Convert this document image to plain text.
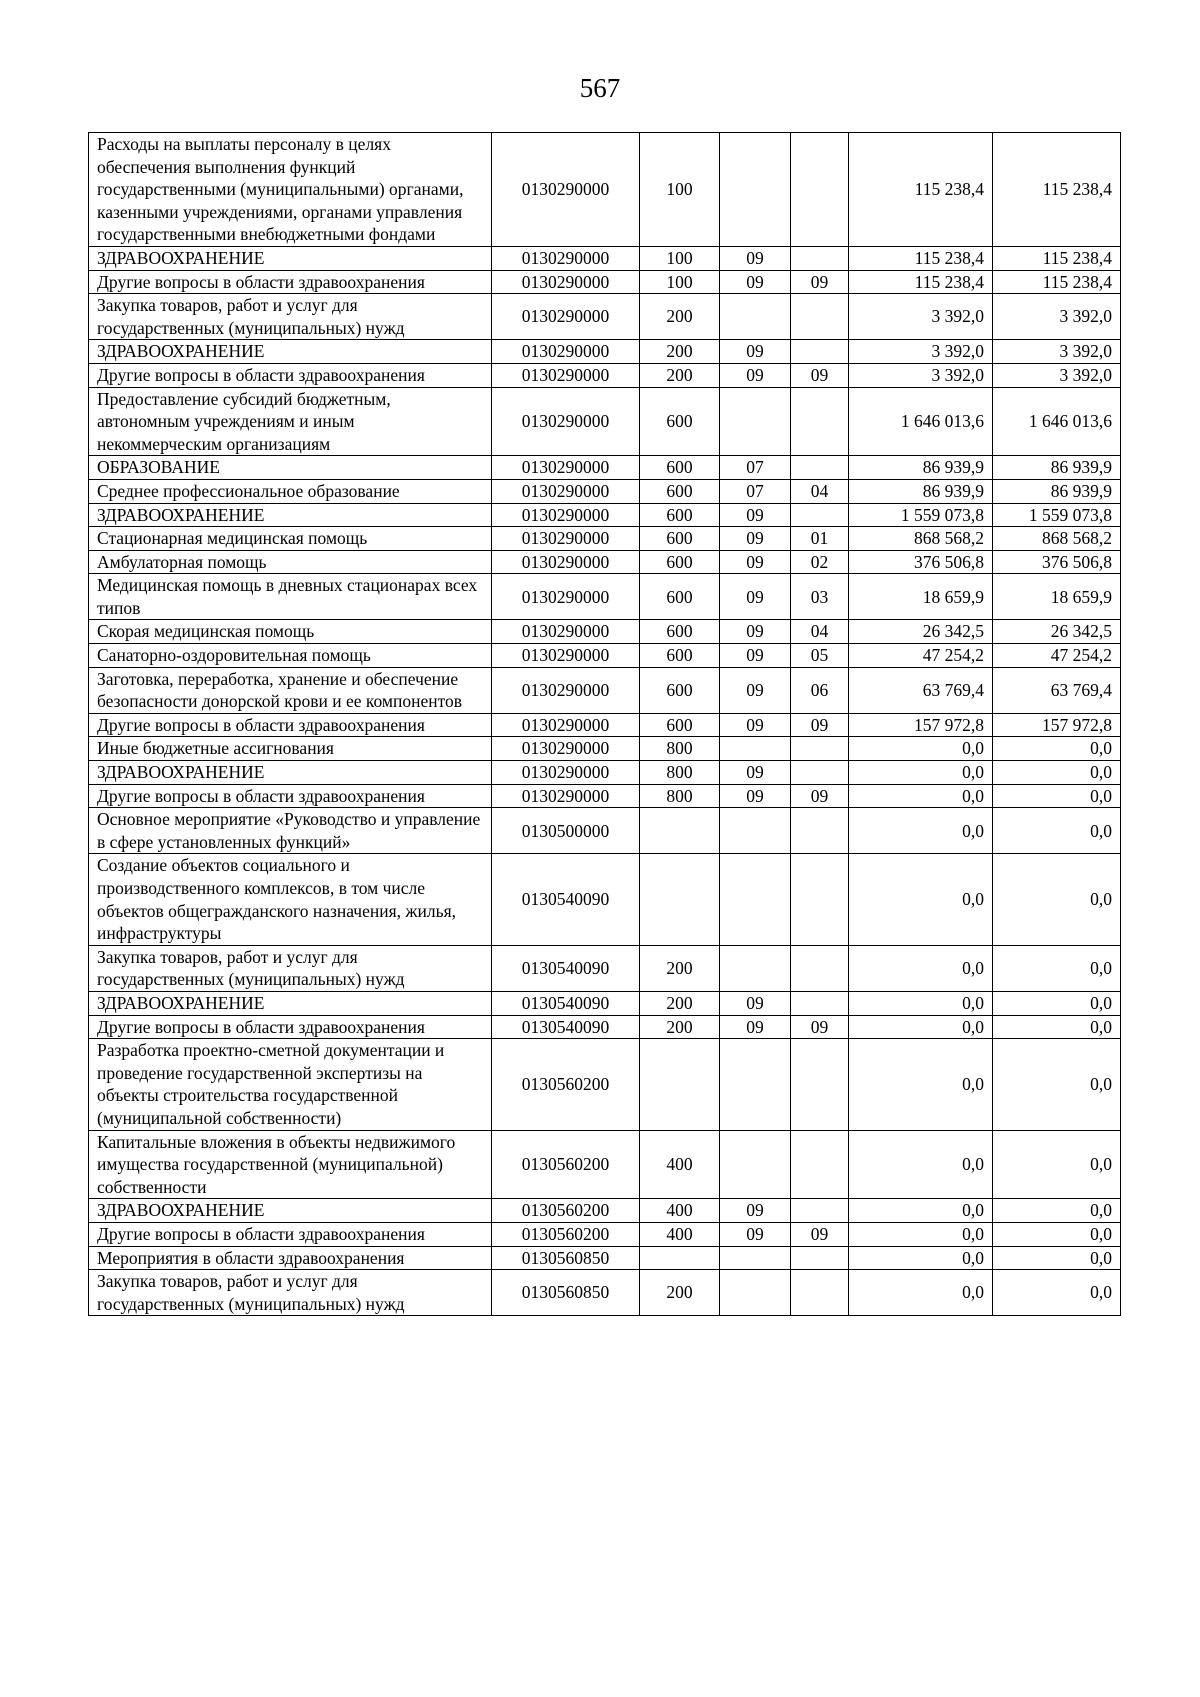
567
Расходы на выплаты персоналу в целях обеспечения выполнения функций государственными (муниципальными) органами, казенными учреждениями, органами управления государственными внебюджетными фондами	0130290000	100			115 238,4	115 238,4
ЗДРАВООХРАНЕНИЕ	0130290000	100	09		115 238,4	115 238,4
Другие вопросы в области здравоохранения	0130290000	100	09	09	115 238,4	115 238,4
Закупка товаров, работ и услуг для государственных (муниципальных) нужд	0130290000	200			3 392,0	3 392,0
ЗДРАВООХРАНЕНИЕ	0130290000	200	09		3 392,0	3 392,0
Другие вопросы в области здравоохранения	0130290000	200	09	09	3 392,0	3 392,0
Предоставление субсидий бюджетным, автономным учреждениям и иным некоммерческим организациям	0130290000	600			1 646 013,6	1 646 013,6
ОБРАЗОВАНИЕ	0130290000	600	07		86 939,9	86 939,9
Среднее профессиональное образование	0130290000	600	07	04	86 939,9	86 939,9
ЗДРАВООХРАНЕНИЕ	0130290000	600	09		1 559 073,8	1 559 073,8
Стационарная медицинская помощь	0130290000	600	09	01	868 568,2	868 568,2
Амбулаторная помощь	0130290000	600	09	02	376 506,8	376 506,8
Медицинская помощь в дневных стационарах всех типов	0130290000	600	09	03	18 659,9	18 659,9
Скорая медицинская помощь	0130290000	600	09	04	26 342,5	26 342,5
Санаторно-оздоровительная помощь	0130290000	600	09	05	47 254,2	47 254,2
Заготовка, переработка, хранение и обеспечение безопасности донорской крови и ее компонентов	0130290000	600	09	06	63 769,4	63 769,4
Другие вопросы в области здравоохранения	0130290000	600	09	09	157 972,8	157 972,8
Иные бюджетные ассигнования	0130290000	800			0,0	0,0
ЗДРАВООХРАНЕНИЕ	0130290000	800	09		0,0	0,0
Другие вопросы в области здравоохранения	0130290000	800	09	09	0,0	0,0
Основное мероприятие «Руководство и управление в сфере установленных функций»	0130500000				0,0	0,0
Создание объектов социального и производственного комплексов, в том числе объектов общегражданского назначения, жилья, инфраструктуры	0130540090				0,0	0,0
Закупка товаров, работ и услуг для государственных (муниципальных) нужд	0130540090	200			0,0	0,0
ЗДРАВООХРАНЕНИЕ	0130540090	200	09		0,0	0,0
Другие вопросы в области здравоохранения	0130540090	200	09	09	0,0	0,0
Разработка проектно-сметной документации и проведение государственной экспертизы на объекты строительства государственной (муниципальной собственности)	0130560200				0,0	0,0
Капитальные вложения в объекты недвижимого имущества государственной (муниципальной) собственности	0130560200	400			0,0	0,0
ЗДРАВООХРАНЕНИЕ	0130560200	400	09		0,0	0,0
Другие вопросы в области здравоохранения	0130560200	400	09	09	0,0	0,0
Мероприятия в области здравоохранения	0130560850				0,0	0,0
Закупка товаров, работ и услуг для государственных (муниципальных) нужд	0130560850	200			0,0	0,0
